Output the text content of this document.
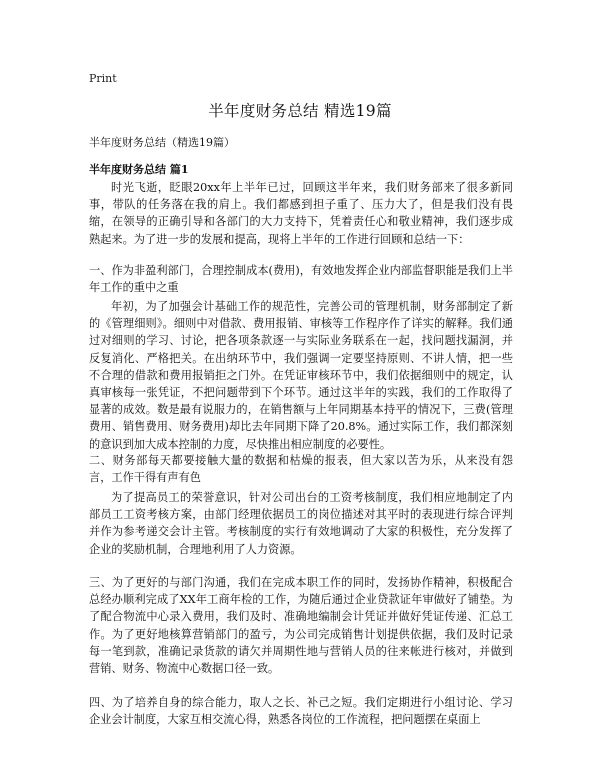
Print
半年度财务总结 精选19篇
半年度财务总结（精选19篇）
半年度财务总结 篇1

时光飞逝，眨眼20xx年上半年已过，回顾这半年来，我们财务部来了很多新同事，带队的任务落在我的肩上。我们都感到担子重了、压力大了，但是我们没有畏缩，在领导的正确引导和各部门的大力支持下，凭着责任心和敬业精神，我们逐步成熟起来。为了进一步的发展和提高，现将上半年的工作进行回顾和总结一下：

一、作为非盈利部门，合理控制成本(费用)，有效地发挥企业内部监督职能是我们上半年工作的重中之重

年初，为了加强会计基础工作的规范性，完善公司的管理机制，财务部制定了新的《管理细则》。细则中对借款、费用报销、审核等工作程序作了详实的解释。我们通过对细则的学习、讨论，把各项条款逐一与实际业务联系在一起，找问题找漏洞，并反复消化、严格把关。在出纳环节中，我们强调一定要坚持原则、不讲人情，把一些不合理的借款和费用报销拒之门外。在凭证审核环节中，我们依据细则中的规定，认真审核每一张凭证，不把问题带到下个环节。通过这半年的实践，我们的工作取得了显著的成效。数是最有说服力的，在销售额与上年同期基本持平的情况下，三费(管理费用、销售费用、财务费用)却比去年同期下降了20.8%。通过实际工作，我们都深刻的意识到加大成本控制的力度，尽快推出相应制度的必要性。

二、财务部每天都要接触大量的数据和枯燥的报表，但大家以苦为乐，从来没有怨言，工作干得有声有色

为了提高员工的荣誉意识，针对公司出台的工资考核制度，我们相应地制定了内部员工工资考核方案，由部门经理依据员工的岗位描述对其平时的表现进行综合评判并作为参考递交会计主管。考核制度的实行有效地调动了大家的积极性，充分发挥了企业的奖励机制，合理地利用了人力资源。

三、为了更好的与部门沟通，我们在完成本职工作的同时，发扬协作精神，积极配合总经办顺利完成了XX年工商年检的工作，为随后通过企业贷款证年审做好了铺垫。为了配合物流中心录入费用，我们及时、准确地编制会计凭证并做好凭证传递、汇总工作。为了更好地核算营销部门的盈亏，为公司完成销售计划提供依据，我们及时记录每一笔到款，准确记录货款的请欠并周期性地与营销人员的往来帐进行核对，并做到营销、财务、物流中心数据口径一致。

四、为了培养自身的综合能力，取人之长、补己之短。我们定期进行小组讨论、学习企业会计制度，大家互相交流心得，熟悉各岗位的工作流程，把问题摆在桌面上
